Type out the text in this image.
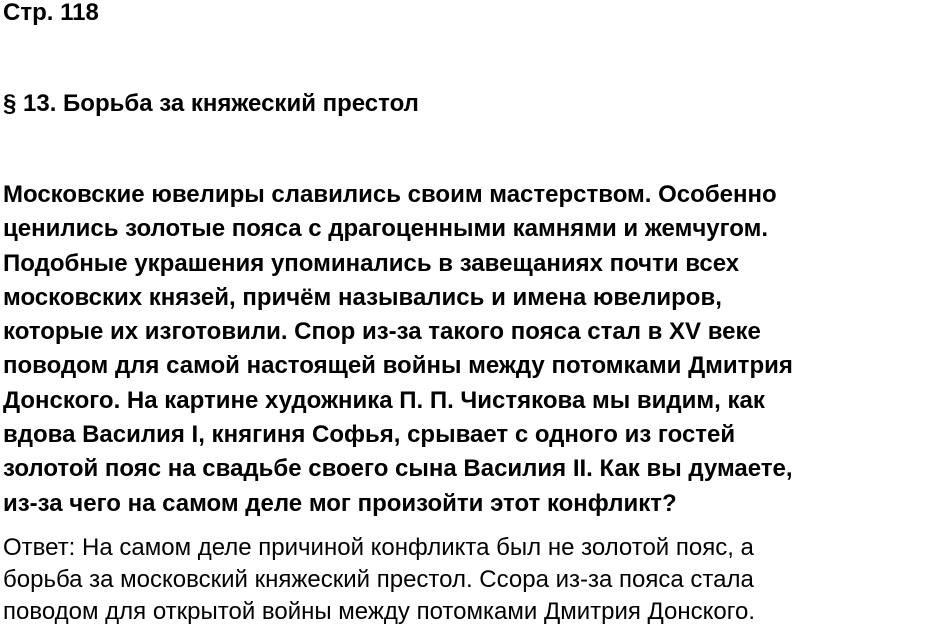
Стр. 118
§ 13. Борьба за княжеский престол

Московские ювелиры славились своим мастерством. Особенно
ценились золотые пояса с драгоценными камнями и жемчугом.
Подобные украшения упоминались в завещаниях почти всех
московских князей, причём назывались и имена ювелиров,
которые их изготовили. Спор из-за такого пояса стал в XV веке
поводом для самой настоящей войны между потомками Дмитрия
Донского. На картине художника П. П. Чистякова мы видим, как
вдова Василия I, княгиня Софья, срывает с одного из гостей
золотой пояс на свадьбе своего сына Василия II. Как вы думаете,
из-за чего на самом деле мог произойти этот конфликт?

Ответ: На самом деле причиной конфликта был не золотой пояс, а
борьба за московский княжеский престол. Ссора из-за пояса стала
поводом для открытой войны между потомками Дмитрия Донского.
